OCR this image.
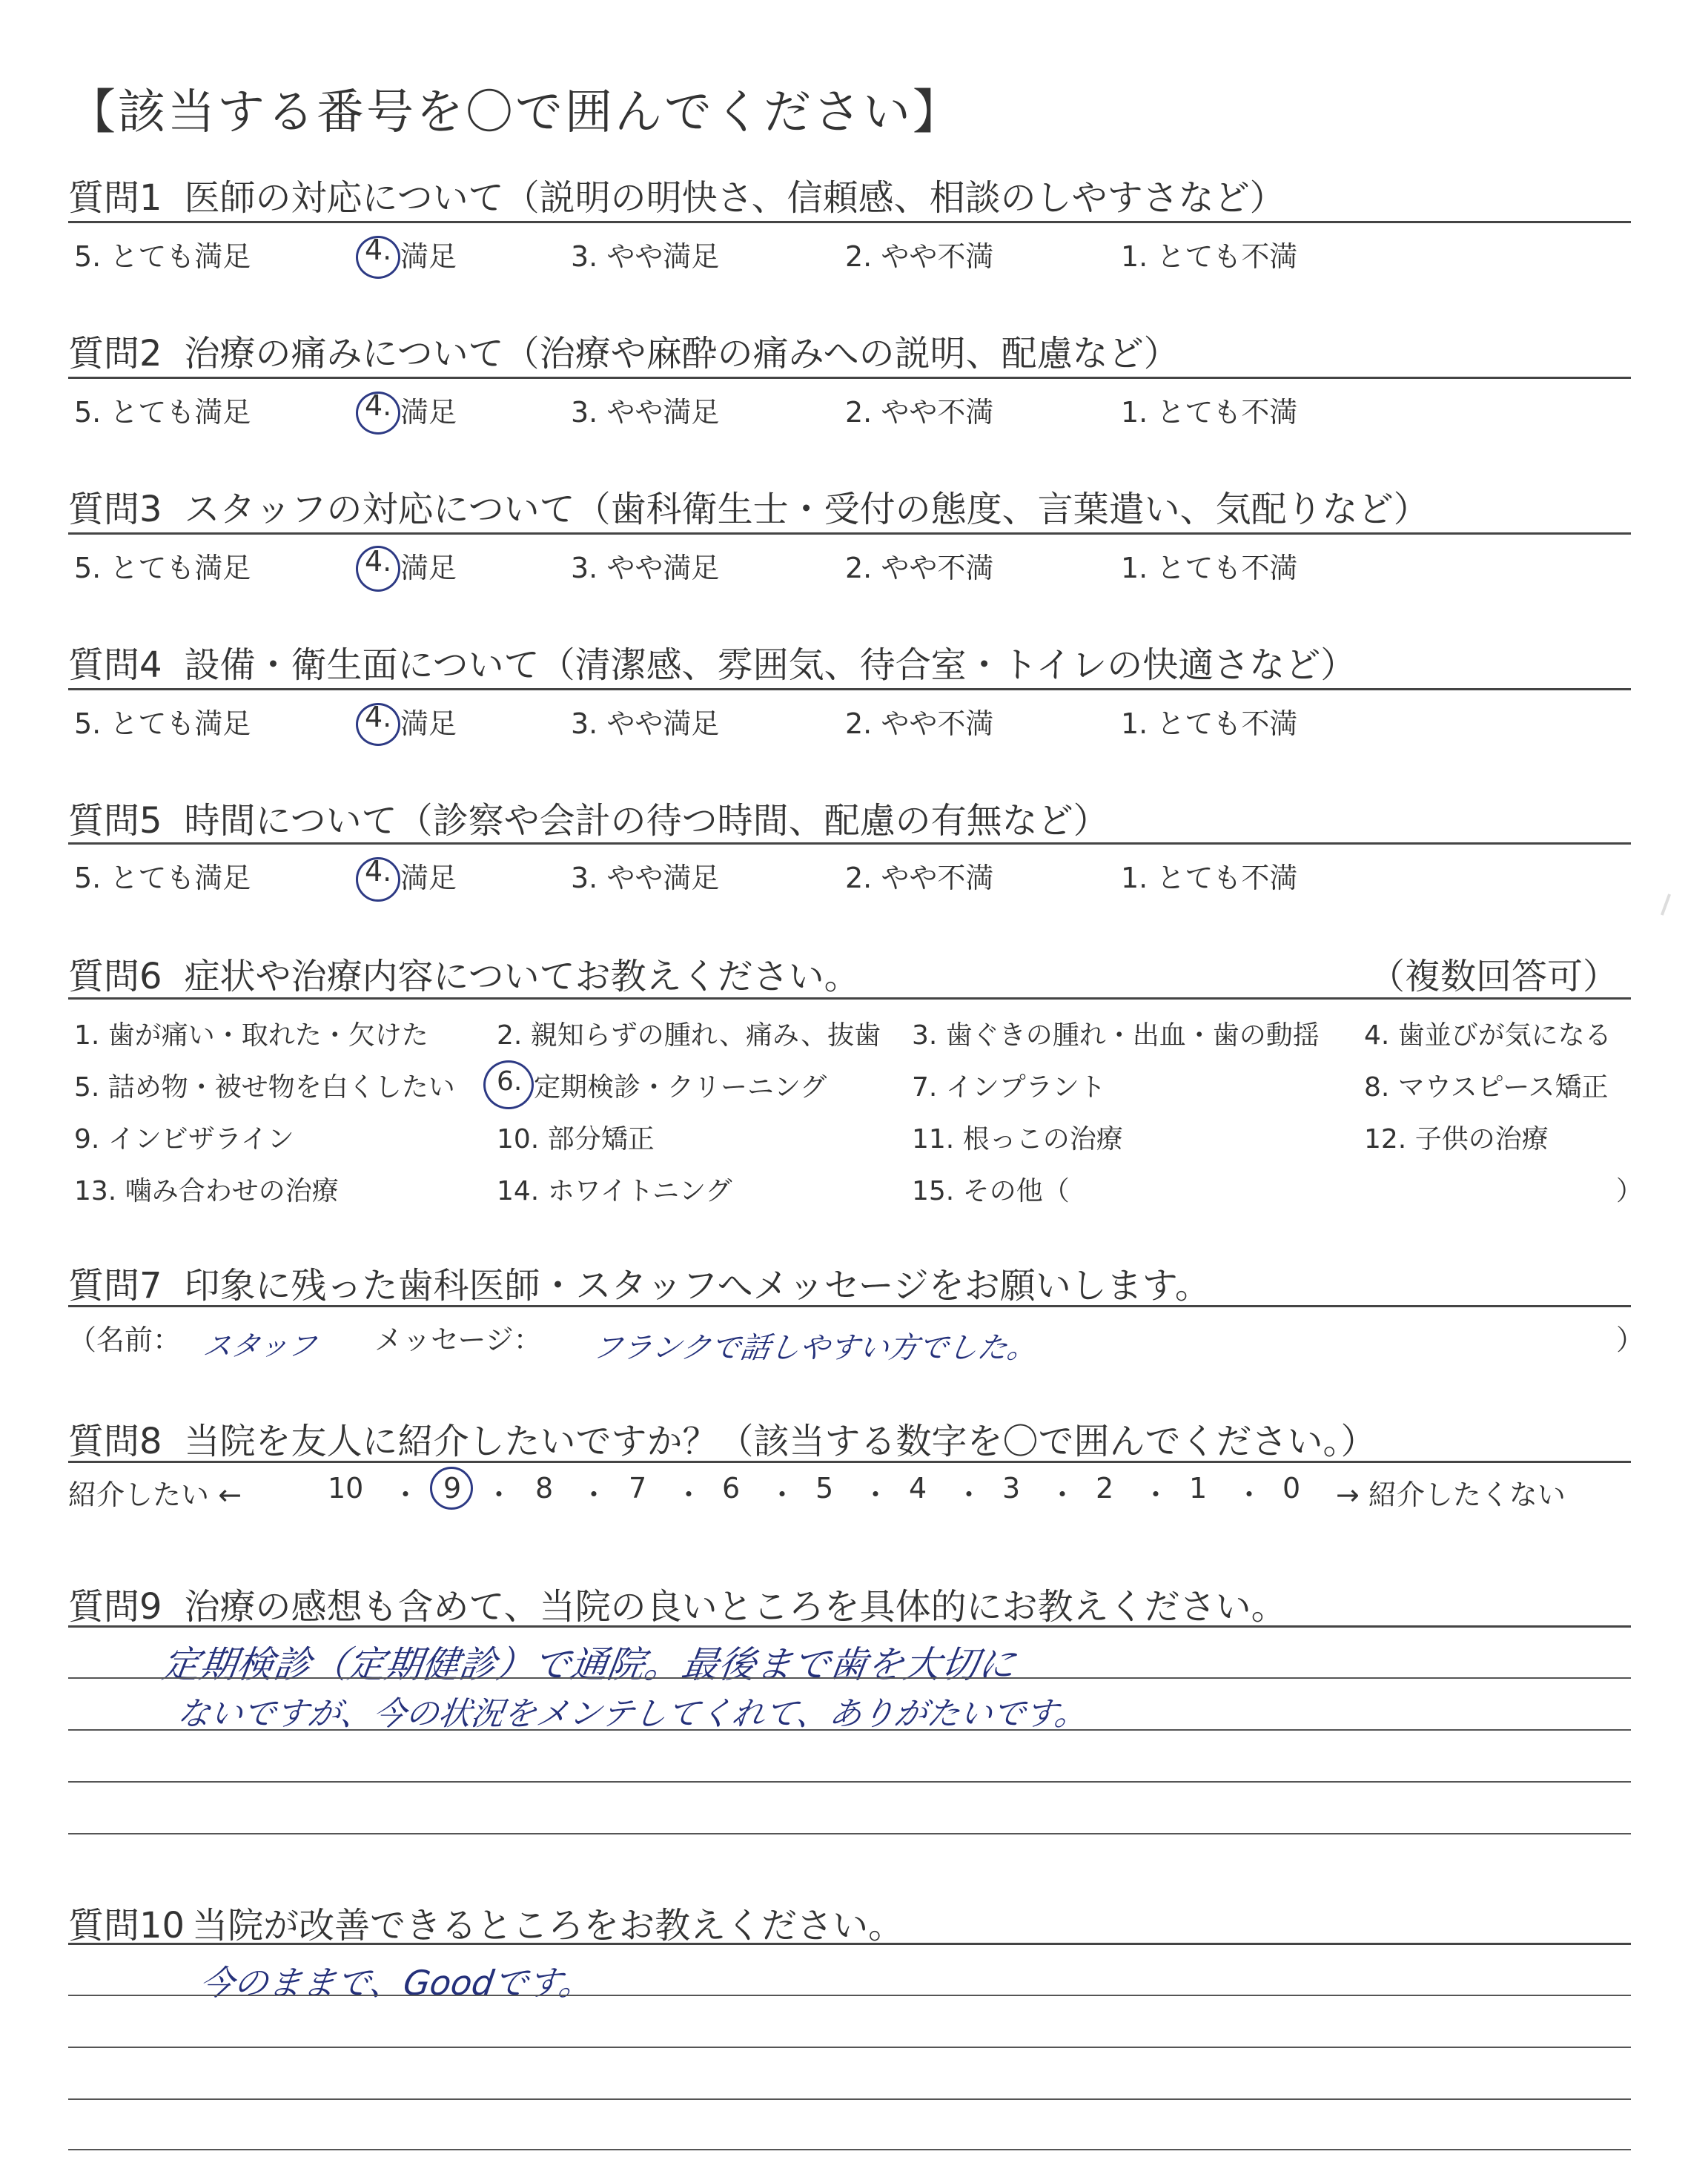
【該当する番号を〇で囲んでください】
質問1 医師の対応について（説明の明快さ、信頼感、相談のしやすさなど）
5. とても満足	4. 満足	3. やや満足	2. やや不満	1. とても不満
質問2 治療の痛みについて（治療や麻酔の痛みへの説明、配慮など）
5. とても満足	4. 満足	3. やや満足	2. やや不満	1. とても不満
質問3 スタッフの対応について（歯科衛生士・受付の態度、言葉遣い、気配りなど）
5. とても満足	4. 満足	3. やや満足	2. やや不満	1. とても不満
質問4 設備・衛生面について（清潔感、雰囲気、待合室・トイレの快適さなど）
5. とても満足	4. 満足	3. やや満足	2. やや不満	1. とても不満
質問5 時間について（診察や会計の待つ時間、配慮の有無など）
5. とても満足	4. 満足	3. やや満足	2. やや不満	1. とても不満
質問6 症状や治療内容についてお教えください。	（複数回答可）
1. 歯が痛い・取れた・欠けた	2. 親知らずの腫れ、痛み、抜歯 3. 歯ぐきの腫れ・出血・歯の動揺 4. 歯並びが気になる
5. 詰め物・被せ物を白くしたい 6. 定期検診・クリーニング	7. インプラント	8. マウスピース矯正
9. インビザライン	10. 部分矯正	11. 根っこの治療	12. 子供の治療
13. 噛み合わせの治療	14. ホワイトニング	15. その他（	）
質問7 印象に残った歯科医師・スタッフへメッセージをお願いします。
（名前： スタッフ メッセージ： フランクで話しやすい方でした。	）
質問8 当院を友人に紹介したいですか？（該当する数字を〇で囲んでください。）
紹介したい ←	10 ・ 9 ・ 8 ・ 7 ・ 6 ・ 5 ・ 4 ・ 3 ・ 2 ・ 1 ・ 0 → 紹介したくない
質問9 治療の感想も含めて、当院の良いところを具体的にお教えください。
定期検診（定期健診）で通院。最後まで歯を大切に
ないですが、今の状況をメンテしてくれて、ありがたいです。
質問10 当院が改善できるところをお教えください。
今のままで、Goodです。
